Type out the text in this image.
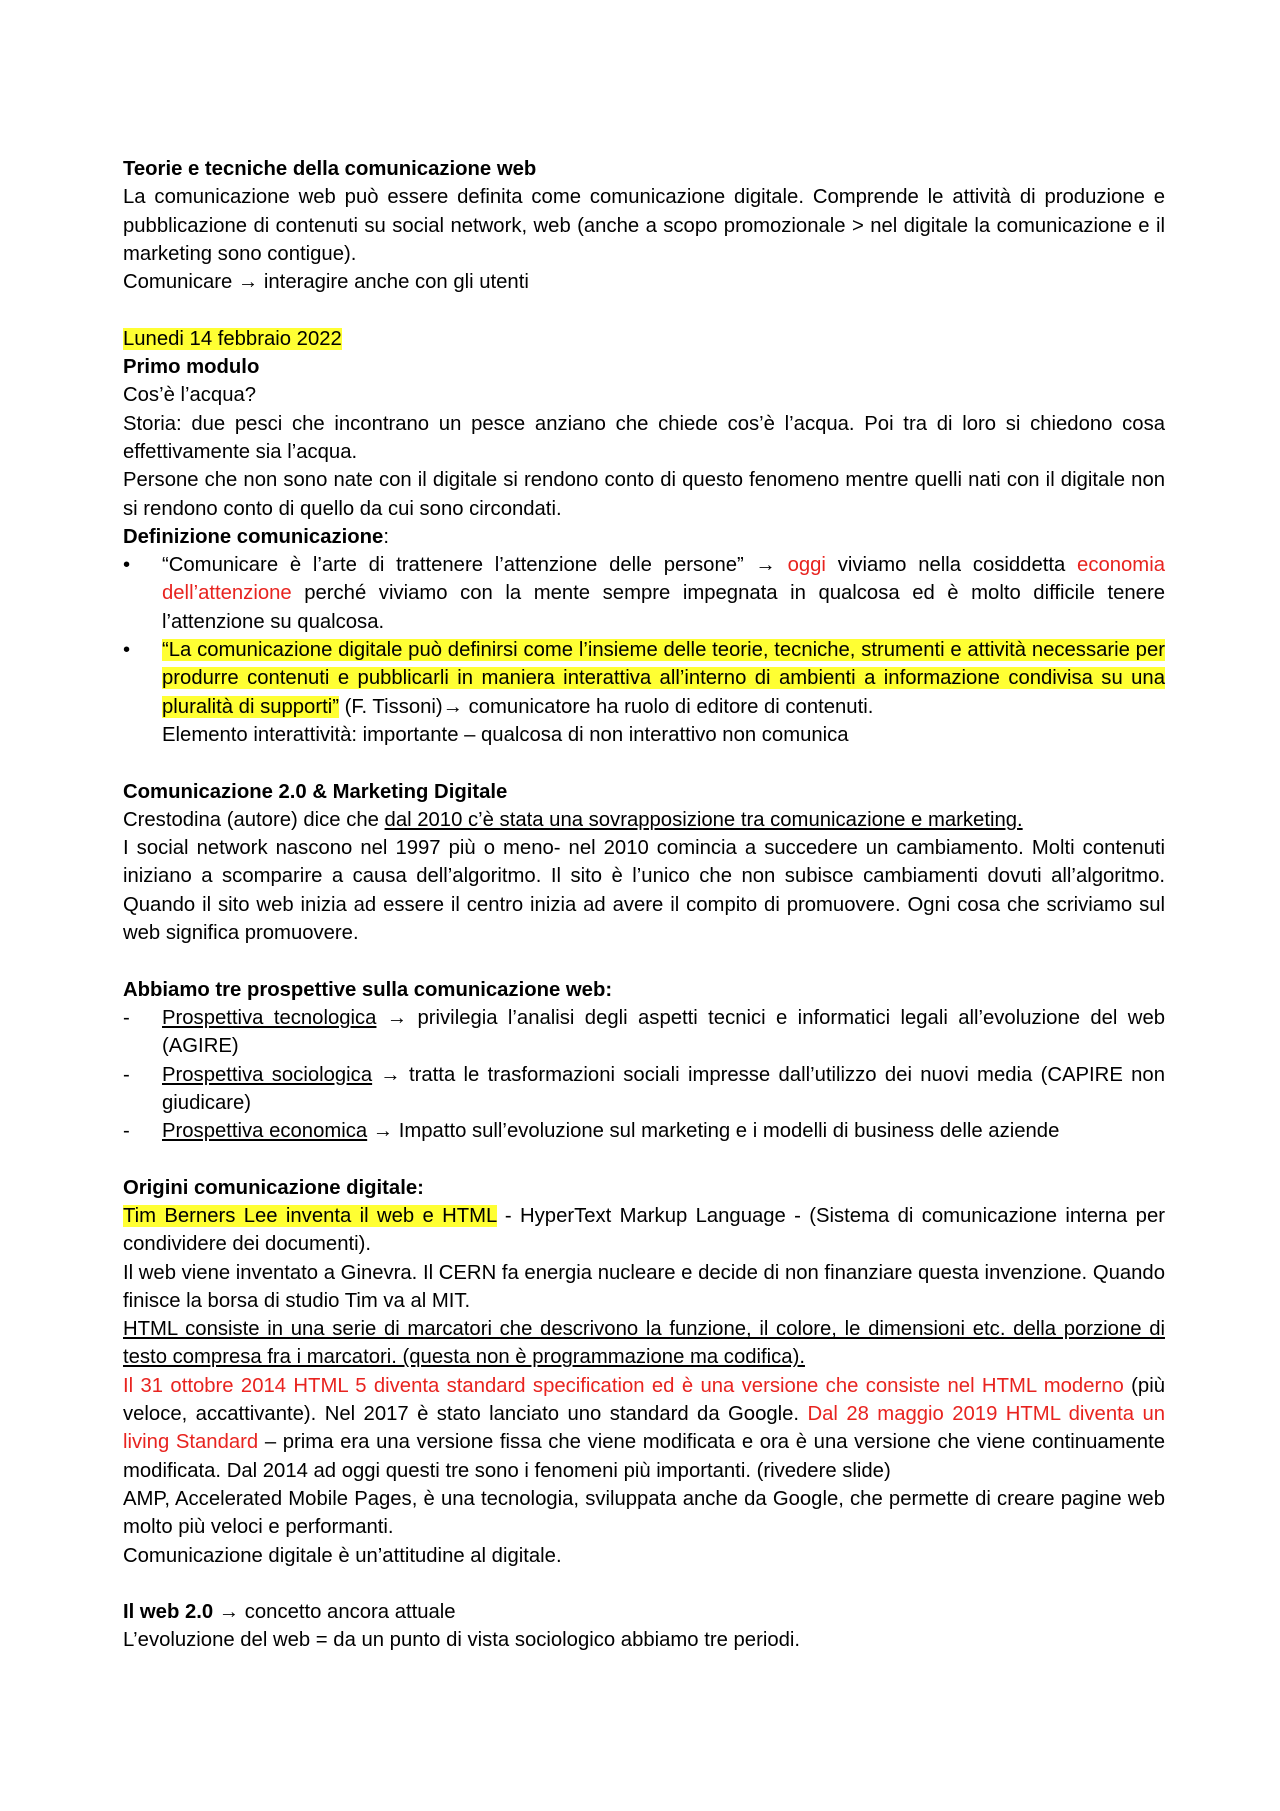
Teorie e tecniche della comunicazione web

La comunicazione web può essere definita come comunicazione digitale. Comprende le attività di produzione e pubblicazione di contenuti su social network, web (anche a scopo promozionale > nel digitale la comunicazione e il marketing sono contigue).

Comunicare → interagire anche con gli utenti

Lunedi 14 febbraio 2022

Primo modulo

Cos’è l’acqua?

Storia: due pesci che incontrano un pesce anziano che chiede cos’è l’acqua. Poi tra di loro si chiedono cosa effettivamente sia l’acqua.

Persone che non sono nate con il digitale si rendono conto di questo fenomeno mentre quelli nati con il digitale non si rendono conto di quello da cui sono circondati.

Definizione comunicazione:

•	“Comunicare è l’arte di trattenere l’attenzione delle persone” → oggi viviamo nella cosiddetta economia dell’attenzione perché viviamo con la mente sempre impegnata in qualcosa ed è molto difficile tenere l’attenzione su qualcosa.
•	“La comunicazione digitale può definirsi come l’insieme delle teorie, tecniche, strumenti e attività necessarie per produrre contenuti e pubblicarli in maniera interattiva all’interno di ambienti a informazione condivisa su una pluralità di supporti” (F. Tissoni)→ comunicatore ha ruolo di editore di contenuti.
Elemento interattività: importante – qualcosa di non interattivo non comunica

Comunicazione 2.0 & Marketing Digitale

Crestodina (autore) dice che dal 2010 c’è stata una sovrapposizione tra comunicazione e marketing.

I social network nascono nel 1997 più o meno- nel 2010 comincia a succedere un cambiamento. Molti contenuti iniziano a scomparire a causa dell’algoritmo. Il sito è l’unico che non subisce cambiamenti dovuti all’algoritmo. Quando il sito web inizia ad essere il centro inizia ad avere il compito di promuovere. Ogni cosa che scriviamo sul web significa promuovere.

Abbiamo tre prospettive sulla comunicazione web:

-	Prospettiva tecnologica → privilegia l’analisi degli aspetti tecnici e informatici legali all’evoluzione del web (AGIRE)
-	Prospettiva sociologica → tratta le trasformazioni sociali impresse dall’utilizzo dei nuovi media (CAPIRE non giudicare)
-	Prospettiva economica → Impatto sull’evoluzione sul marketing e i modelli di business delle aziende

Origini comunicazione digitale:

Tim Berners Lee inventa il web e HTML - HyperText Markup Language - (Sistema di comunicazione interna per condividere dei documenti).

Il web viene inventato a Ginevra. Il CERN fa energia nucleare e decide di non finanziare questa invenzione. Quando finisce la borsa di studio Tim va al MIT.

HTML consiste in una serie di marcatori che descrivono la funzione, il colore, le dimensioni etc. della porzione di testo compresa fra i marcatori. (questa non è programmazione ma codifica).

Il 31 ottobre 2014 HTML 5 diventa standard specification ed è una versione che consiste nel HTML moderno (più veloce, accattivante). Nel 2017 è stato lanciato uno standard da Google. Dal 28 maggio 2019 HTML diventa un living Standard – prima era una versione fissa che viene modificata e ora è una versione che viene continuamente modificata. Dal 2014 ad oggi questi tre sono i fenomeni più importanti. (rivedere slide)

AMP, Accelerated Mobile Pages, è una tecnologia, sviluppata anche da Google, che permette di creare pagine web molto più veloci e performanti.

Comunicazione digitale è un’attitudine al digitale.

Il web 2.0 → concetto ancora attuale

L’evoluzione del web = da un punto di vista sociologico abbiamo tre periodi.
